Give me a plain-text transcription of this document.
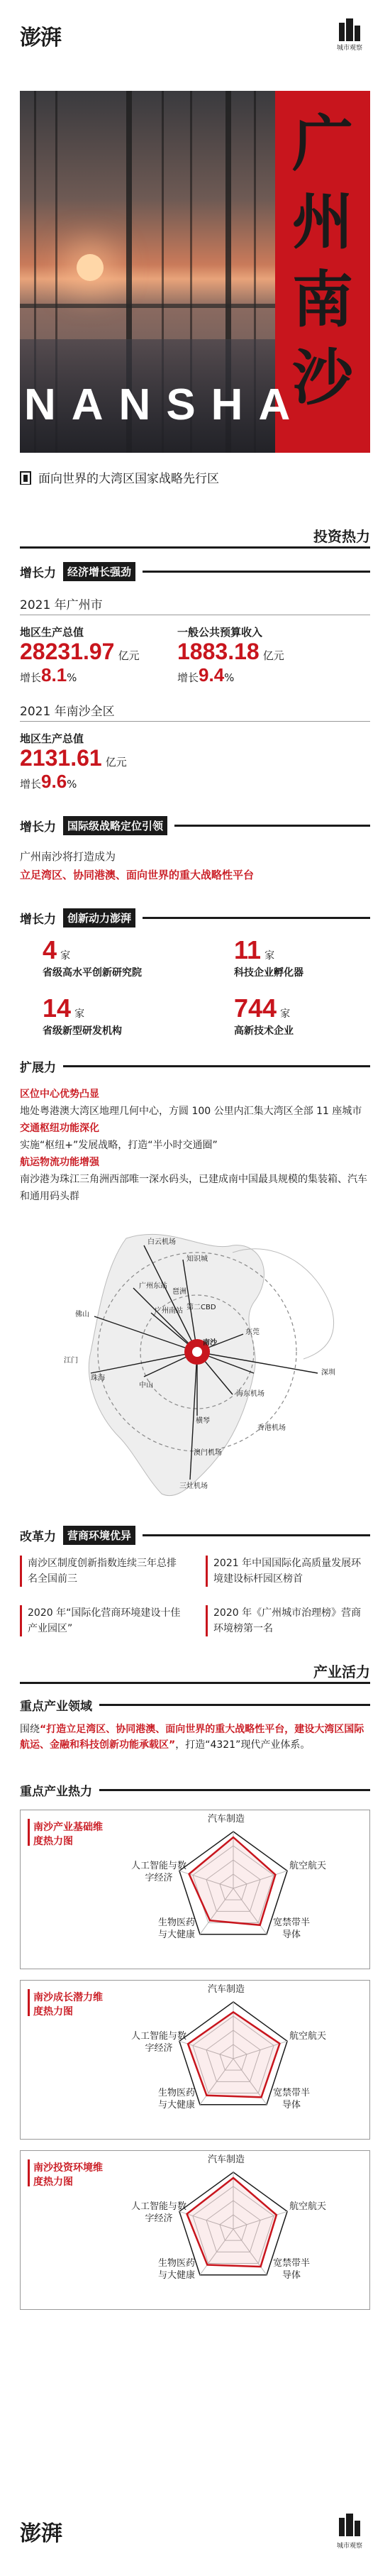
澎湃	城市观察
广
州
南
沙
NANSHA
面向世界的大湾区国家战略先行区
投资热力
增长力	经济增长强劲
2021 年广州市
地区生产总值
28231.97 亿元
增长8.1%
一般公共预算收入
1883.18 亿元
增长9.4%
2021 年南沙全区
地区生产总值
2131.61 亿元
增长9.6%
增长力	国际级战略定位引领
广州南沙将打造成为
立足湾区、协同港澳、面向世界的重大战略性平台
增长力	创新动力澎湃
4 家
省级高水平创新研究院
11 家
科技企业孵化器
14 家
省级新型研发机构
744 家
高新技术企业
扩展力
区位中心优势凸显
地处粤港澳大湾区地理几何中心，方圆 100 公里内汇集大湾区全部 11 座城市
交通枢纽功能深化
实施“枢纽+”发展战略，打造“半小时交通圈”
航运物流功能增强
南沙港为珠江三角洲西部唯一深水码头，已建成南中国最具规模的集装箱、汽车和通用码头群
白云机场
知识城
广州东站
广州南站
琶洲
第二CBD
佛山
珠海
中山
江门
深圳
东莞
海东机场
香港机场
横琴
澳门机场
南沙
三灶机场
改革力	营商环境优异
南沙区制度创新指数连续三年总排名全国前三
2021 年中国国际化高质量发展环境建设标杆园区榜首
2020 年“国际化营商环境建设十佳产业园区”
2020 年《广州城市治理榜》营商环境榜第一名
产业活力
重点产业领域
围绕“打造立足湾区、协同港澳、面向世界的重大战略性平台，建设大湾区国际航运、金融和科技创新功能承载区”，打造“4321”现代产业体系。
重点产业热力
南沙产业基础维度热力图
汽车制造
航空航天
宽禁带半导体
生物医药与大健康
人工智能与数字经济
南沙成长潜力维度热力图
汽车制造
航空航天
宽禁带半导体
生物医药与大健康
人工智能与数字经济
南沙投资环境维度热力图
汽车制造
航空航天
宽禁带半导体
生物医药与大健康
人工智能与数字经济
澎湃	城市观察
